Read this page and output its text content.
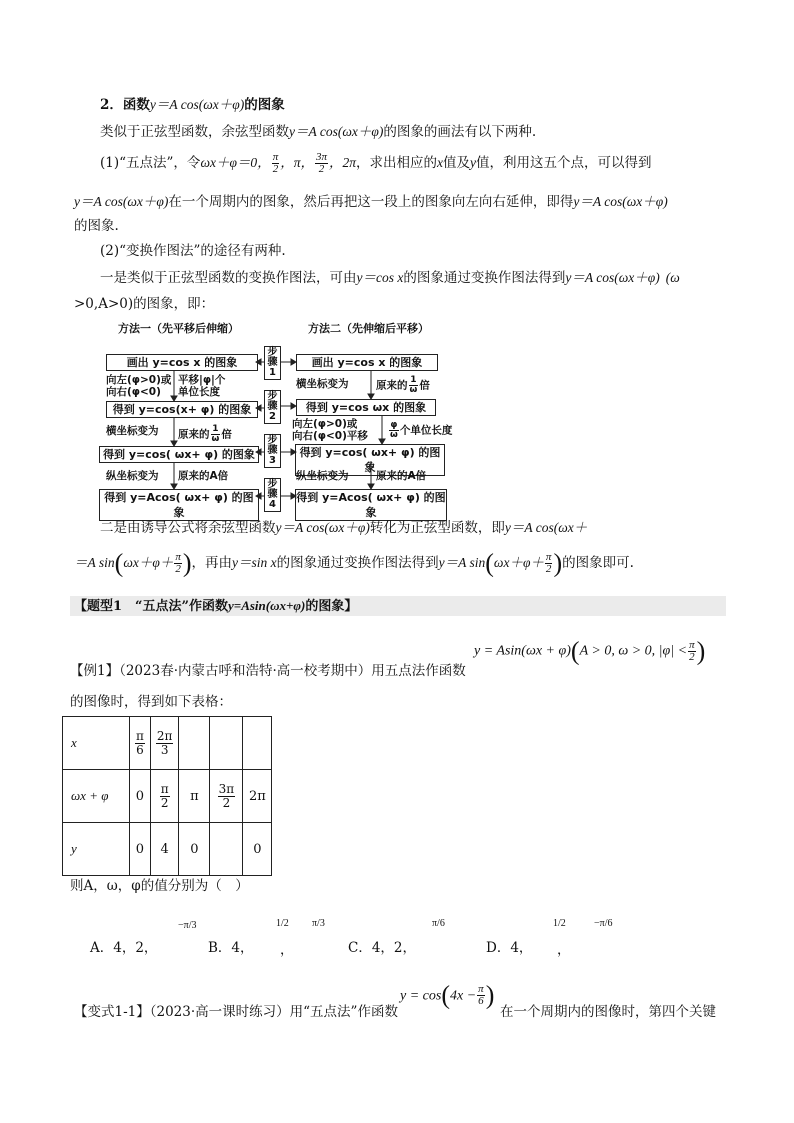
2．函数y＝A cos(ωx＋φ)的图象
类似于正弦型函数，余弦型函数y＝A cos(ωx＋φ)的图象的画法有以下两种.
(1)“五点法”，令ωx＋φ＝0， $\frac{\pi}{2}$ ，π， $\frac{3\pi}{2}$ ，2π，求出相应的x值及y值，利用这五个点，可以得到
y＝A cos(ωx＋φ)在一个周期内的图象，然后再把这一段上的图象向左向右延伸，即得y＝A cos(ωx＋φ)
的图象.
(2)“变换作图法”的途径有两种.
一是类似于正弦型函数的变换作图法，可由y＝cos x的图象通过变换作图法得到y＝A cos(ωx＋φ) (ω
>0,A>0)的图象，即：
方法一（先平移后伸缩）	方法二（先伸缩后平移）
画出 y=cos x 的图象
得到 y=cos(x+ φ) 的图象
得到 y=cos( ωx+ φ) 的图象
得到 y=Acos( ωx+ φ) 的图象
步
骤
1
步
骤
2
步
骤
3
步
骤
4
画出 y=cos x 的图象
得到 y=cos ωx 的图象
得到 y=cos( ωx+ φ) 的图象
得到 y=Acos( ωx+ φ) 的图象
向左(φ>0)或
向右(φ<0)
平移|φ|个
单位长度
横坐标变为 原来的 $\frac{1}{\omega}$ 倍
纵坐标变为 原来的A倍
横坐标变为	原来的 $\frac{1}{\omega}$ 倍
向左(φ>0)或
向右(φ<0)平移 $\frac{\varphi}{\omega}$ 个单位长度
纵坐标变为	原来的A倍
二是由诱导公式将余弦型函数y＝A cos(ωx＋φ)转化为正弦型函数，即y＝A cos(ωx＋
＝A $\sin(\omega x+\varphi+ \frac{\pi}{2}$ )，再由y＝sin x的图象通过变换作图法得到y＝A $\sin(\omega x+\varphi+ \frac{\pi}{2}$ )的图象即可.
【题型1　“五点法”作函数y=Asin(ωx+φ)的图象】
y = Asin(ωx + φ)(A > 0, ω > 0, $|\varphi| < \frac{\pi}{2}$ )
【例1】（2023春·内蒙古呼和浩特·高一校考期中）用五点法作函数
的图像时，得到如下表格：
x	$\frac{\pi}{6}$	$\frac{2\pi}{3}$

ωx + φ	0	$\frac{\pi}{2}$	π	$\frac{3\pi}{2}$	2π
y	0	4	0		0
则A，ω，φ的值分别为（　）
A．4，2，
−π/3
B．4，
1/2
，
π/3
C．4，2，
π/6
D．4，
1/2
，
−π/6
$y = \cos(4x - \frac{\pi}{6}$ )
【变式1-1】（2023·高一课时练习）用“五点法”作函数	在一个周期内的图像时，第四个关键
